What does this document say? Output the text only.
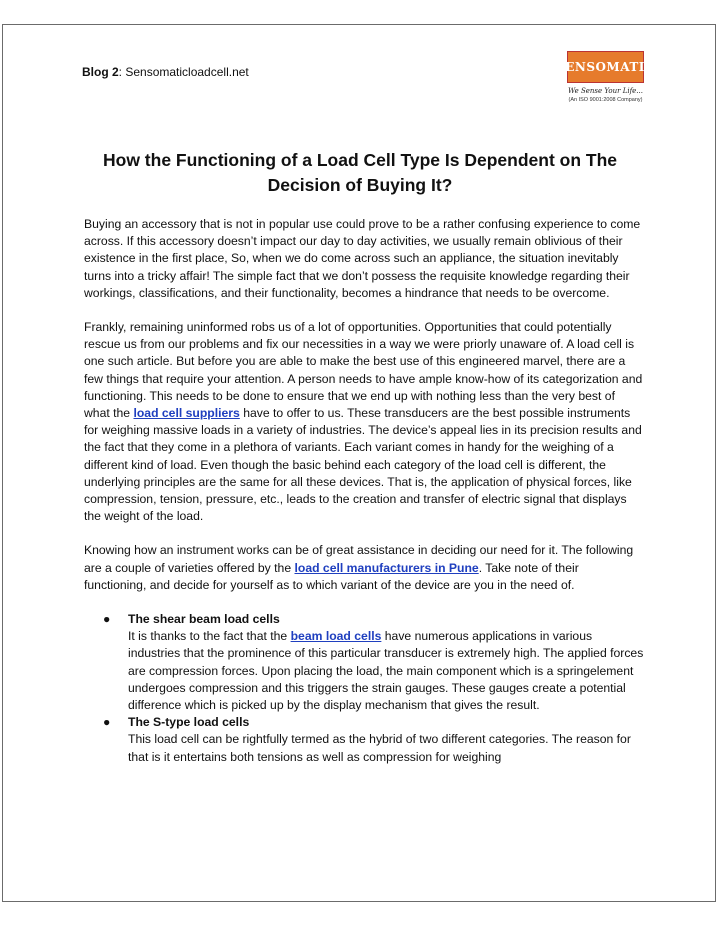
Blog 2: Sensomaticloadcell.net	SENSOMATIC
We Sense Your Life...
(An ISO 9001:2008 Company)
How the Functioning of a Load Cell Type Is Dependent on The Decision of Buying It?

Buying an accessory that is not in popular use could prove to be a rather confusing experience to come across. If this accessory doesn’t impact our day to day activities, we usually remain oblivious of their existence in the first place, So, when we do come across such an appliance, the situation inevitably turns into a tricky affair! The simple fact that we don’t possess the requisite knowledge regarding their workings, classifications, and their functionality, becomes a hindrance that needs to be overcome.

Frankly, remaining uninformed robs us of a lot of opportunities. Opportunities that could potentially rescue us from our problems and fix our necessities in a way we were priorly unaware of. A load cell is one such article. But before you are able to make the best use of this engineered marvel, there are a few things that require your attention. A person needs to have ample know-how of its categorization and functioning. This needs to be done to ensure that we end up with nothing less than the very best of what the load cell suppliers have to offer to us. These transducers are the best possible instruments for weighing massive loads in a variety of industries. The device’s appeal lies in its precision results and the fact that they come in a plethora of variants. Each variant comes in handy for the weighing of a different kind of load. Even though the basic behind each category of the load cell is different, the underlying principles are the same for all these devices. That is, the application of physical forces, like compression, tension, pressure, etc., leads to the creation and transfer of electric signal that displays the weight of the load.

Knowing how an instrument works can be of great assistance in deciding our need for it. The following are a couple of varieties offered by the load cell manufacturers in Pune. Take note of their functioning, and decide for yourself as to which variant of the device are you in the need of.

● The shear beam load cells
It is thanks to the fact that the beam load cells have numerous applications in various industries that the prominence of this particular transducer is extremely high. The applied forces are compression forces. Upon placing the load, the main component which is a springelement undergoes compression and this triggers the strain gauges. These gauges create a potential difference which is picked up by the display mechanism that gives the result.
● The S-type load cells
This load cell can be rightfully termed as the hybrid of two different categories. The reason for that is it entertains both tensions as well as compression for weighing
